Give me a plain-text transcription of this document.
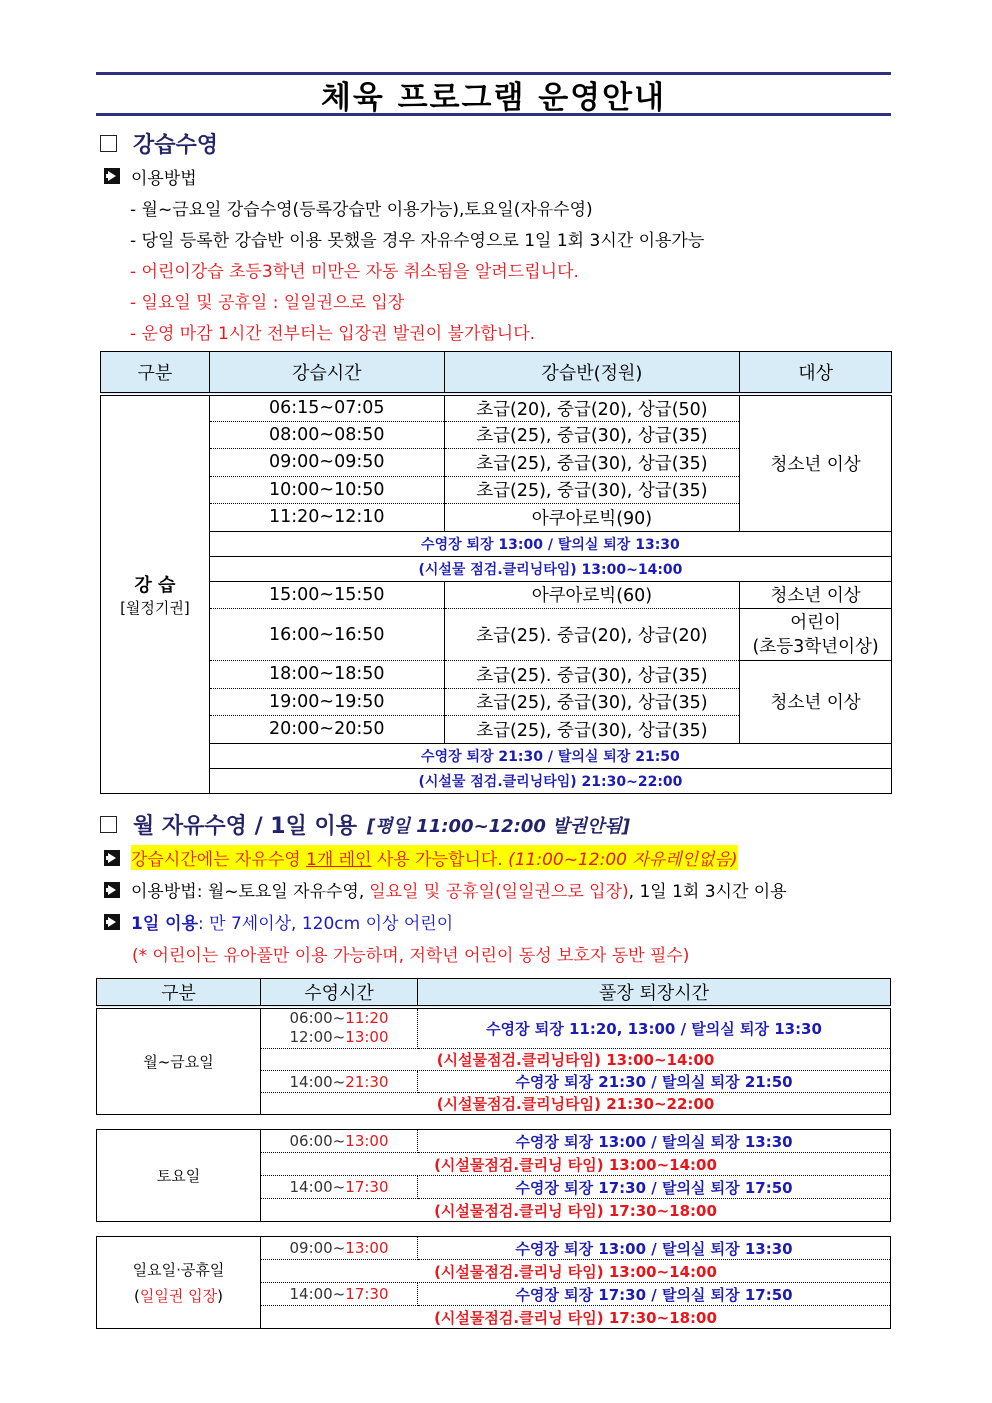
체육 프로그램 운영안내
강습수영
이용방법
- 월~금요일 강습수영(등록강습만 이용가능),토요일(자유수영)
- 당일 등록한 강습반 이용 못했을 경우 자유수영으로 1일 1회 3시간 이용가능
- 어린이강습 초등3학년 미만은 자동 취소됨을 알려드립니다.
- 일요일 및 공휴일 : 일일권으로 입장
- 운영 마감 1시간 전부터는 입장권 발권이 불가합니다.
구분	강습시간	강습반(정원)	대상
강 습
[월정기권]	06:15~07:05	초급(20), 중급(20), 상급(50)	청소년 이상
	08:00~08:50	초급(25), 중급(30), 상급(35)	
	09:00~09:50	초급(25), 중급(30), 상급(35)	
	10:00~10:50	초급(25), 중급(30), 상급(35)	
	11:20~12:10	아쿠아로빅(90)	
	수영장 퇴장 13:00 / 탈의실 퇴장 13:30		
	(시설물 점검.클리닝타임) 13:00~14:00		
	15:00~15:50	아쿠아로빅(60)	청소년 이상
	16:00~16:50	초급(25). 중급(20), 상급(20)	어린이
(초등3학년이상)

	18:00~18:50	초급(25). 중급(30), 상급(35)	청소년 이상
	19:00~19:50	초급(25), 중급(30), 상급(35)	
	20:00~20:50	초급(25), 중급(30), 상급(35)	
	수영장 퇴장 21:30 / 탈의실 퇴장 21:50		
	(시설물 점검.클리닝타임) 21:30~22:00		
월 자유수영 / 1일 이용 [평일 11:00~12:00 발권안됨]
강습시간에는 자유수영 1개 레인 사용 가능합니다. (11:00~12:00 자유레인없음)
이용방법: 월~토요일 자유수영, 일요일 및 공휴일(일일권으로 입장) , 1일 1회 3시간 이용
1일 이용 : 만 7세이상, 120cm 이상 어린이
(* 어린이는 유아풀만 이용 가능하며, 저학년 어린이 동성 보호자 동반 필수)
구분	수영시간	풀장 퇴장시간
월~금요일	06:00~11:20
12:00~13:00	수영장 퇴장 11:20, 13:00 / 탈의실 퇴장 13:30
	(시설물점검.클리닝타임) 13:00~14:00	
	14:00~21:30	수영장 퇴장 21:30 / 탈의실 퇴장 21:50
	(시설물점검.클리닝타임) 21:30~22:00	
토요일	06:00~13:00	수영장 퇴장 13:00 / 탈의실 퇴장 13:30
	(시설물점검.클리닝 타임) 13:00~14:00	
	14:00~17:30	수영장 퇴장 17:30 / 탈의실 퇴장 17:50
	(시설물점검.클리닝 타임) 17:30~18:00	
일요일·공휴일
(일일권 입장)	09:00~13:00	수영장 퇴장 13:00 / 탈의실 퇴장 13:30
	(시설물점검.클리닝 타임) 13:00~14:00	
	14:00~17:30	수영장 퇴장 17:30 / 탈의실 퇴장 17:50
	(시설물점검.클리닝 타임) 17:30~18:00	
